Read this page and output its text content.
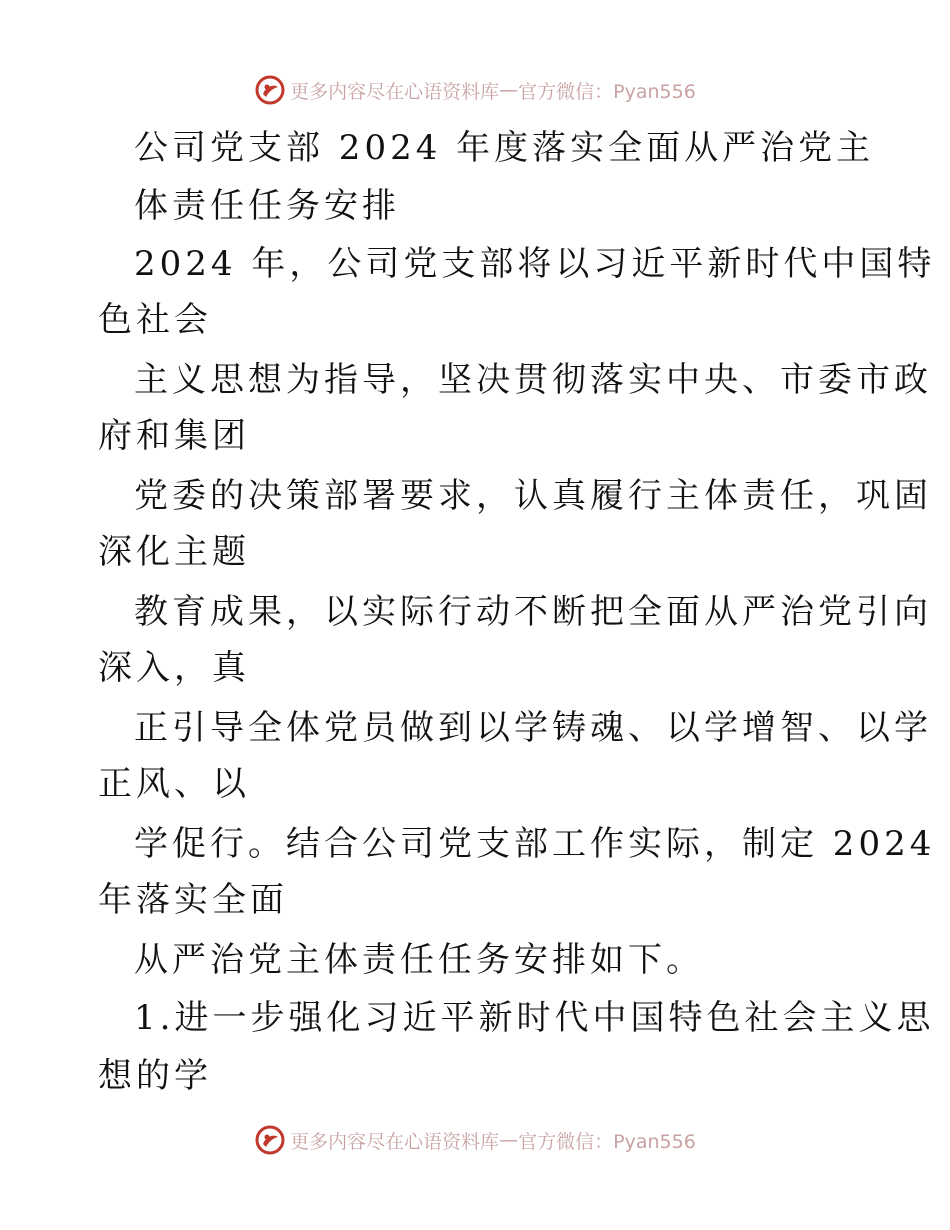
更多内容尽在心语资料库 — 官方微信：Pyan556
公司党支部 2024 年度落实全面从严治党主
体责任任务安排
2024 年，公司党支部将以习近平新时代中国特
色社会
主义思想为指导，坚决贯彻落实中央、市委市政
府和集团
党委的决策部署要求，认真履行主体责任，巩固
深化主题
教育成果，以实际行动不断把全面从严治党引向
深入，真
正引导全体党员做到以学铸魂、以学增智、以学
正风、以
学促行。结合公司党支部工作实际，制定 2024
年落实全面
从严治党主体责任任务安排如下。
1.进一步强化习近平新时代中国特色社会主义思
想的学
更多内容尽在心语资料库 — 官方微信：Pyan556
